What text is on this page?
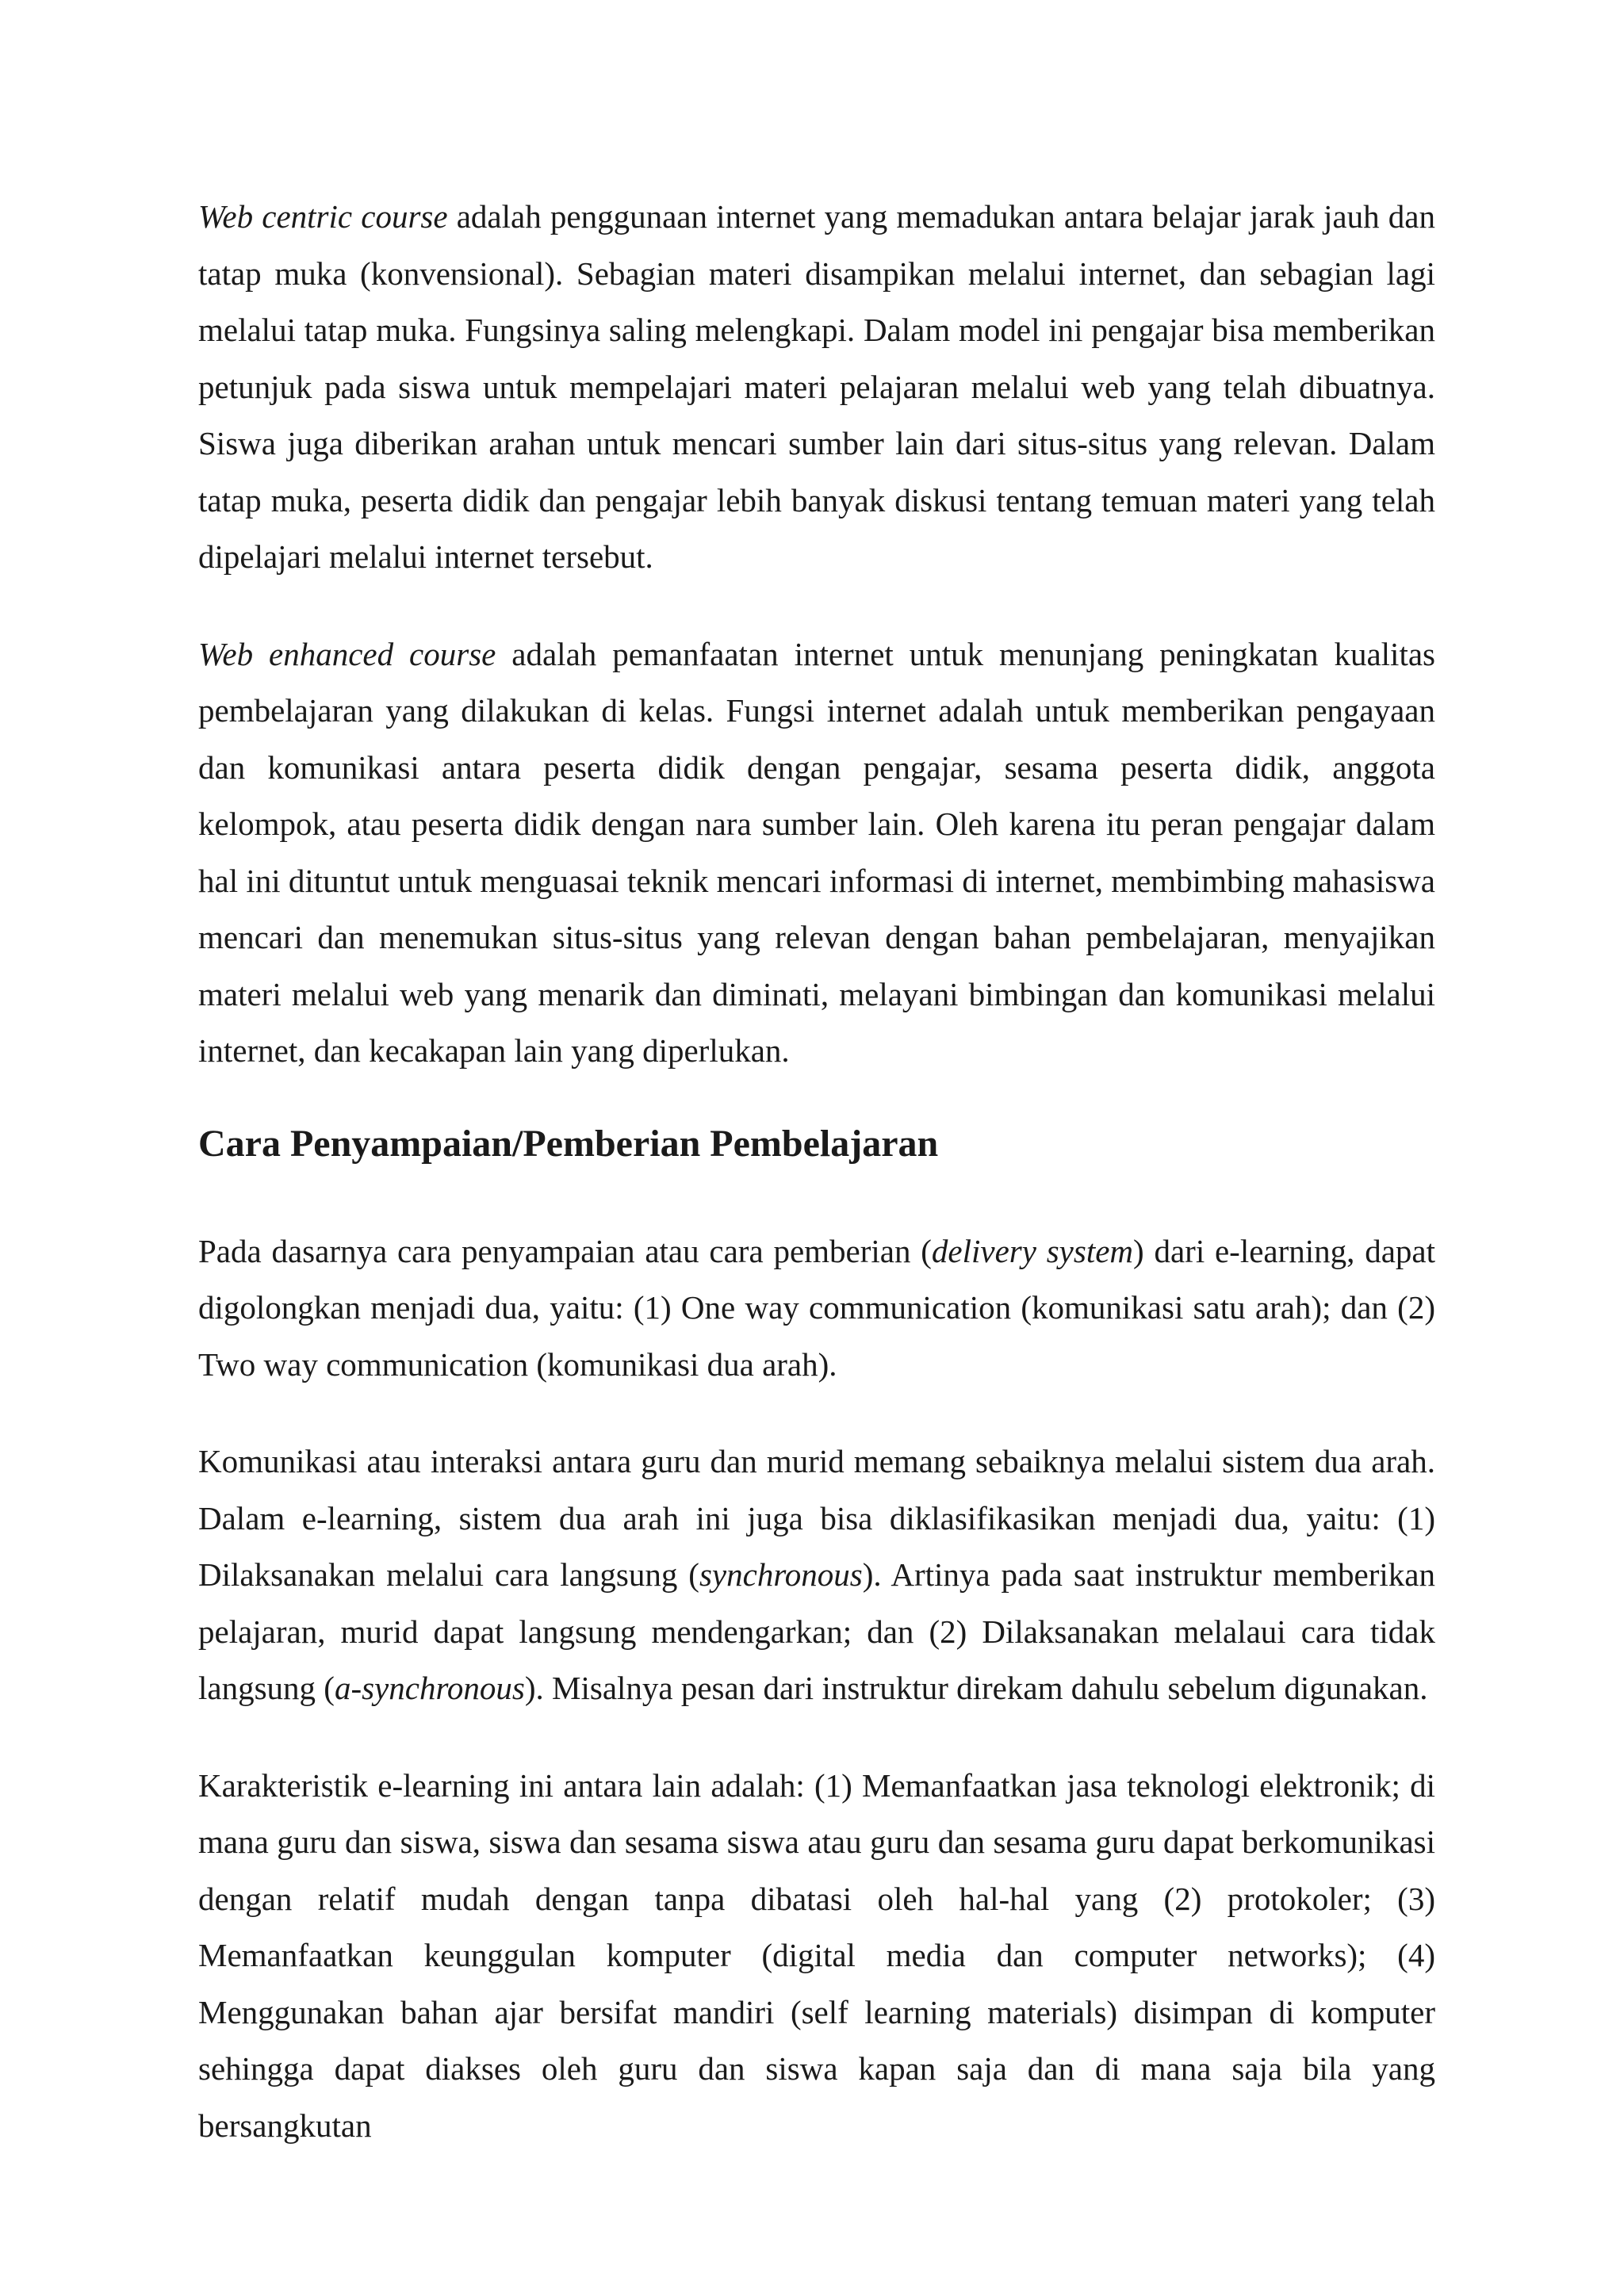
Web centric course adalah penggunaan internet yang memadukan antara belajar jarak jauh dan tatap muka (konvensional). Sebagian materi disampikan melalui internet, dan sebagian lagi melalui tatap muka. Fungsinya saling melengkapi. Dalam model ini pengajar bisa memberikan petunjuk pada siswa untuk mempelajari materi pelajaran melalui web yang telah dibuatnya. Siswa juga diberikan arahan untuk mencari sumber lain dari situs-situs yang relevan. Dalam tatap muka, peserta didik dan pengajar lebih banyak diskusi tentang temuan materi yang telah dipelajari melalui internet tersebut.

Web enhanced course adalah pemanfaatan internet untuk menunjang peningkatan kualitas pembelajaran yang dilakukan di kelas. Fungsi internet adalah untuk memberikan pengayaan dan komunikasi antara peserta didik dengan pengajar, sesama peserta didik, anggota kelompok, atau peserta didik dengan nara sumber lain. Oleh karena itu peran pengajar dalam hal ini dituntut untuk menguasai teknik mencari informasi di internet, membimbing mahasiswa mencari dan menemukan situs-situs yang relevan dengan bahan pembelajaran, menyajikan materi melalui web yang menarik dan diminati, melayani bimbingan dan komunikasi melalui internet, dan kecakapan lain yang diperlukan.

Cara Penyampaian/Pemberian Pembelajaran

Pada dasarnya cara penyampaian atau cara pemberian (delivery system) dari e-learning, dapat digolongkan menjadi dua, yaitu: (1) One way communication (komunikasi satu arah); dan (2) Two way communication (komunikasi dua arah).

Komunikasi atau interaksi antara guru dan murid memang sebaiknya melalui sistem dua arah. Dalam e-learning, sistem dua arah ini juga bisa diklasifikasikan menjadi dua, yaitu: (1) Dilaksanakan melalui cara langsung (synchronous). Artinya pada saat instruktur memberikan pelajaran, murid dapat langsung mendengarkan; dan (2) Dilaksanakan melalaui cara tidak langsung (a-synchronous). Misalnya pesan dari instruktur direkam dahulu sebelum digunakan.

Karakteristik e-learning ini antara lain adalah: (1) Memanfaatkan jasa teknologi elektronik; di mana guru dan siswa, siswa dan sesama siswa atau guru dan sesama guru dapat berkomunikasi dengan relatif mudah dengan tanpa dibatasi oleh hal-hal yang (2) protokoler; (3) Memanfaatkan keunggulan komputer (digital media dan computer networks); (4) Menggunakan bahan ajar bersifat mandiri (self learning materials) disimpan di komputer sehingga dapat diakses oleh guru dan siswa kapan saja dan di mana saja bila yang bersangkutan
